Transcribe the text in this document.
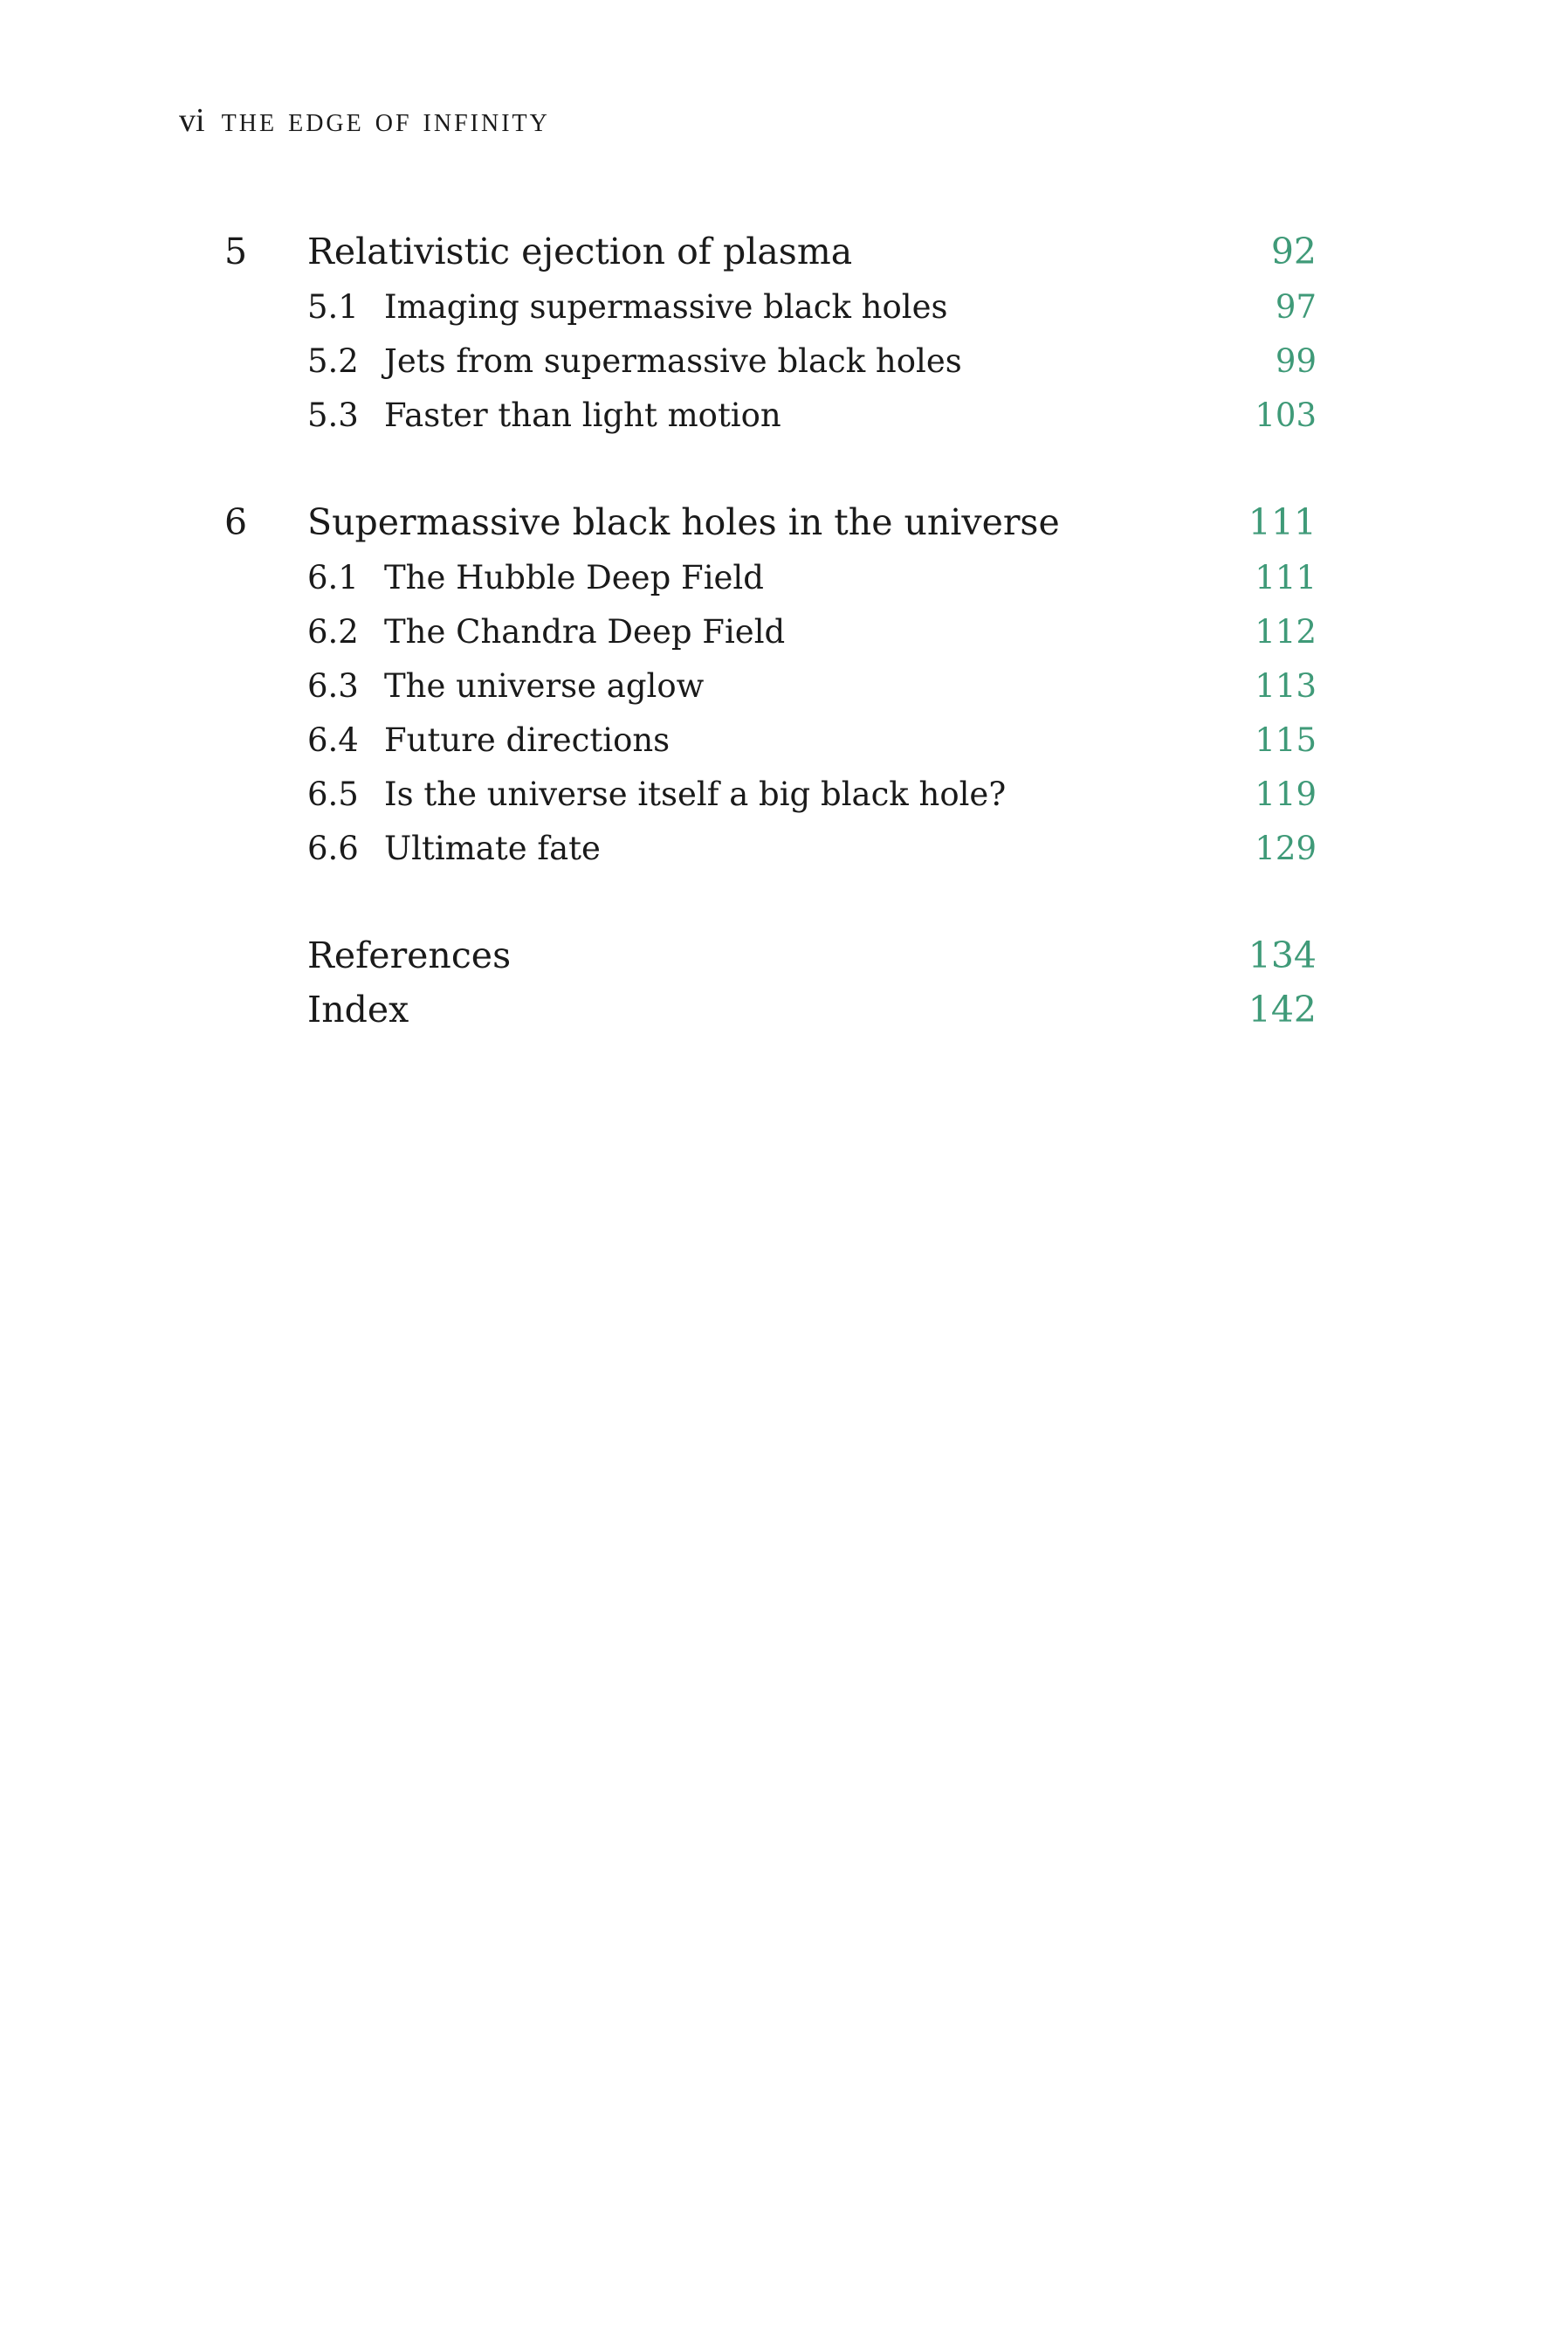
vi the edge of infinity
5 Relativistic ejection of plasma	92
5.1 Imaging supermassive black holes	97
5.2 Jets from supermassive black holes	99
5.3 Faster than light motion	103
6 Supermassive black holes in the universe	111
6.1 The Hubble Deep Field	111
6.2 The Chandra Deep Field	112
6.3 The universe aglow	113
6.4 Future directions	115
6.5 Is the universe itself a big black hole?	119
6.6 Ultimate fate	129
References	134
Index	142
